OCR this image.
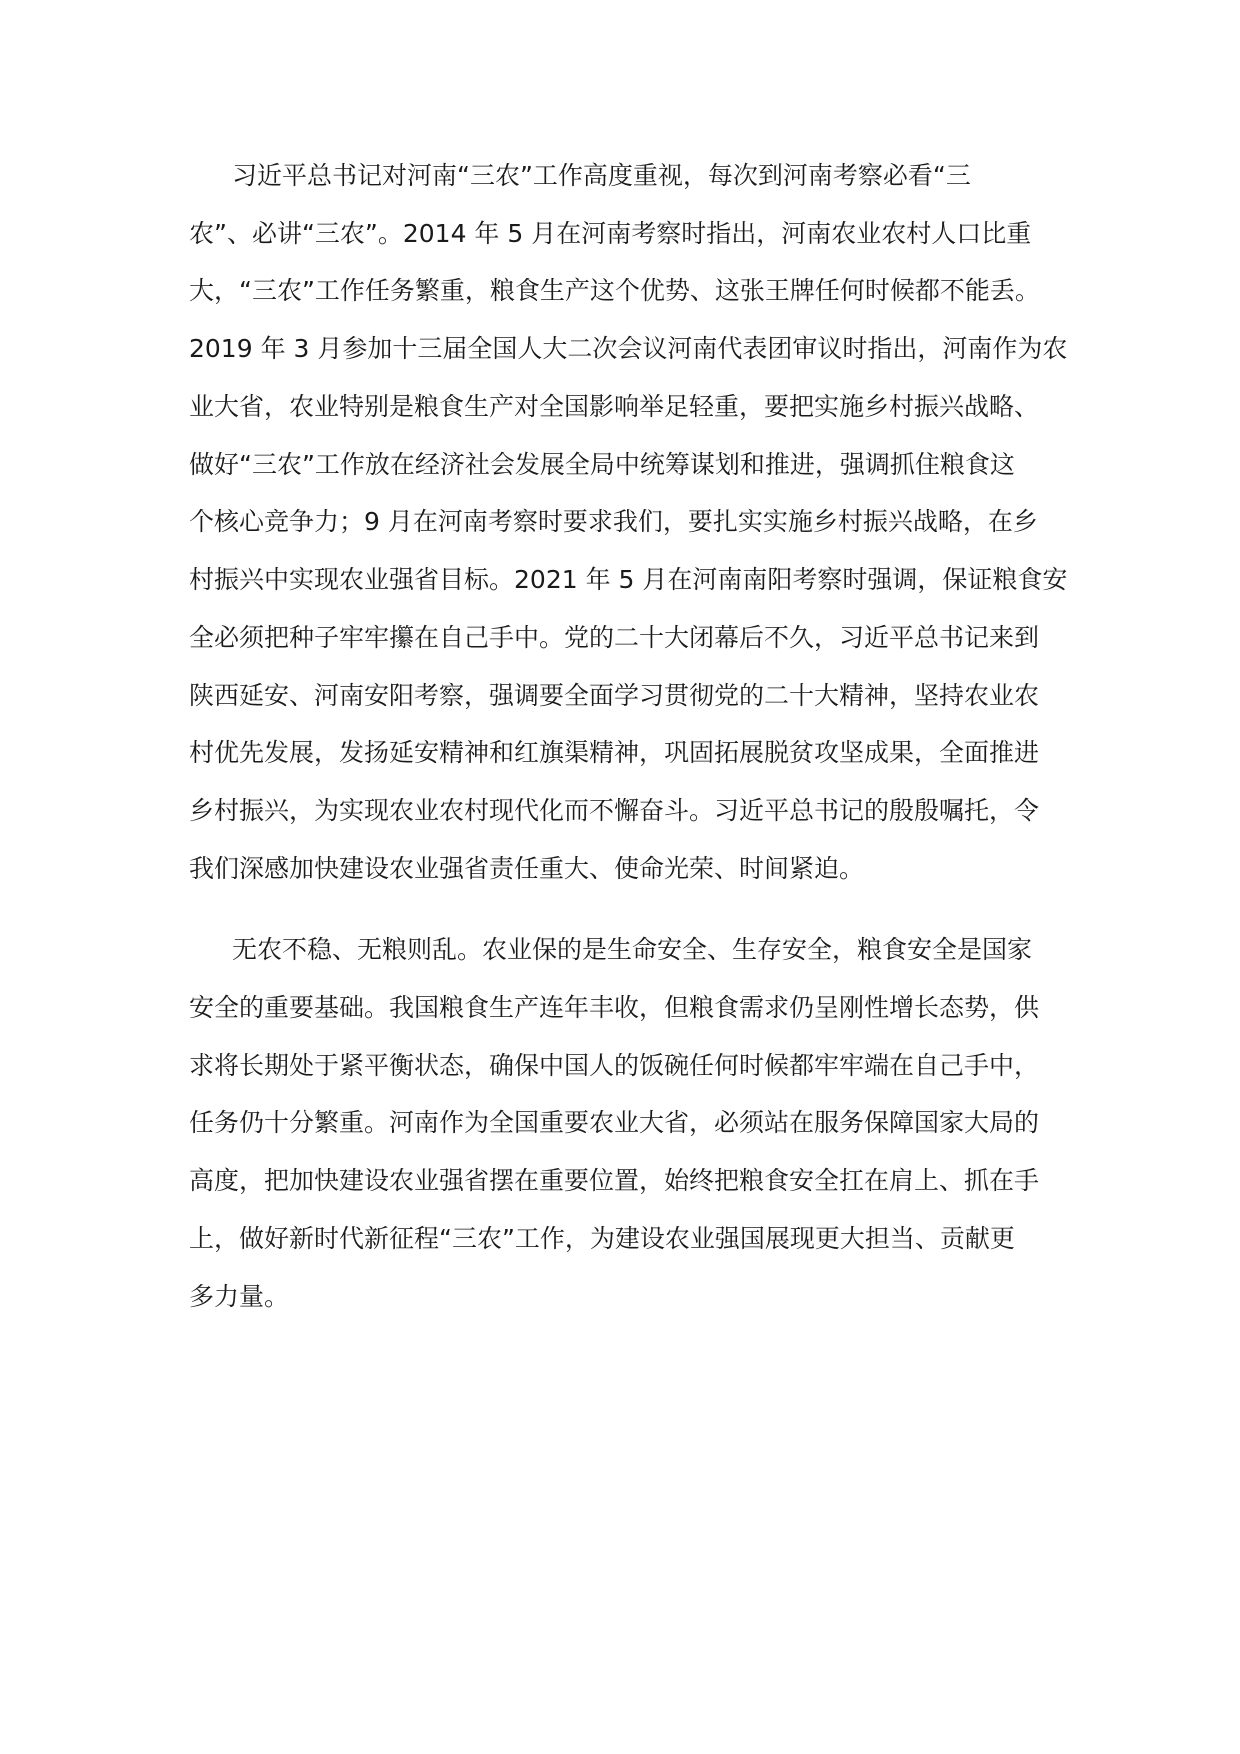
习近平总书记对河南“三农”工作高度重视，每次到河南考察必看“三
农”、必讲“三农”。2014 年 5 月在河南考察时指出，河南农业农村人口比重
大，“三农”工作任务繁重，粮食生产这个优势、这张王牌任何时候都不能丢。
2019 年 3 月参加十三届全国人大二次会议河南代表团审议时指出，河南作为农
业大省，农业特别是粮食生产对全国影响举足轻重，要把实施乡村振兴战略、
做好“三农”工作放在经济社会发展全局中统筹谋划和推进，强调抓住粮食这
个核心竞争力；9 月在河南考察时要求我们，要扎实实施乡村振兴战略，在乡
村振兴中实现农业强省目标。2021 年 5 月在河南南阳考察时强调，保证粮食安
全必须把种子牢牢攥在自己手中。党的二十大闭幕后不久，习近平总书记来到
陕西延安、河南安阳考察，强调要全面学习贯彻党的二十大精神，坚持农业农
村优先发展，发扬延安精神和红旗渠精神，巩固拓展脱贫攻坚成果，全面推进
乡村振兴，为实现农业农村现代化而不懈奋斗。习近平总书记的殷殷嘱托，令
我们深感加快建设农业强省责任重大、使命光荣、时间紧迫。
无农不稳、无粮则乱。农业保的是生命安全、生存安全，粮食安全是国家
安全的重要基础。我国粮食生产连年丰收，但粮食需求仍呈刚性增长态势，供
求将长期处于紧平衡状态，确保中国人的饭碗任何时候都牢牢端在自己手中，
任务仍十分繁重。河南作为全国重要农业大省，必须站在服务保障国家大局的
高度，把加快建设农业强省摆在重要位置，始终把粮食安全扛在肩上、抓在手
上，做好新时代新征程“三农”工作，为建设农业强国展现更大担当、贡献更
多力量。
